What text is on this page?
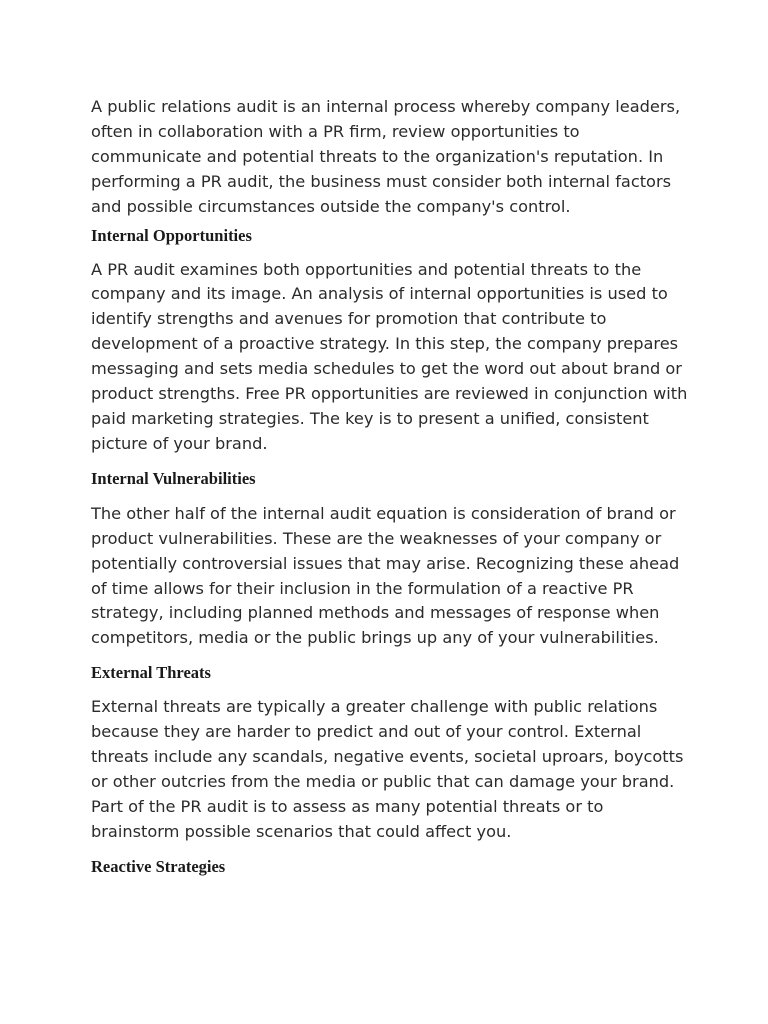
A public relations audit is an internal process whereby company leaders, often in collaboration with a PR firm, review opportunities to communicate and potential threats to the organization's reputation. In performing a PR audit, the business must consider both internal factors and possible circumstances outside the company's control.

Internal Opportunities

A PR audit examines both opportunities and potential threats to the company and its image. An analysis of internal opportunities is used to identify strengths and avenues for promotion that contribute to development of a proactive strategy. In this step, the company prepares messaging and sets media schedules to get the word out about brand or product strengths. Free PR opportunities are reviewed in conjunction with paid marketing strategies. The key is to present a unified, consistent picture of your brand.

Internal Vulnerabilities

The other half of the internal audit equation is consideration of brand or product vulnerabilities. These are the weaknesses of your company or potentially controversial issues that may arise. Recognizing these ahead of time allows for their inclusion in the formulation of a reactive PR strategy, including planned methods and messages of response when competitors, media or the public brings up any of your vulnerabilities.

External Threats

External threats are typically a greater challenge with public relations because they are harder to predict and out of your control. External threats include any scandals, negative events, societal uproars, boycotts or other outcries from the media or public that can damage your brand. Part of the PR audit is to assess as many potential threats or to brainstorm possible scenarios that could affect you.

Reactive Strategies
